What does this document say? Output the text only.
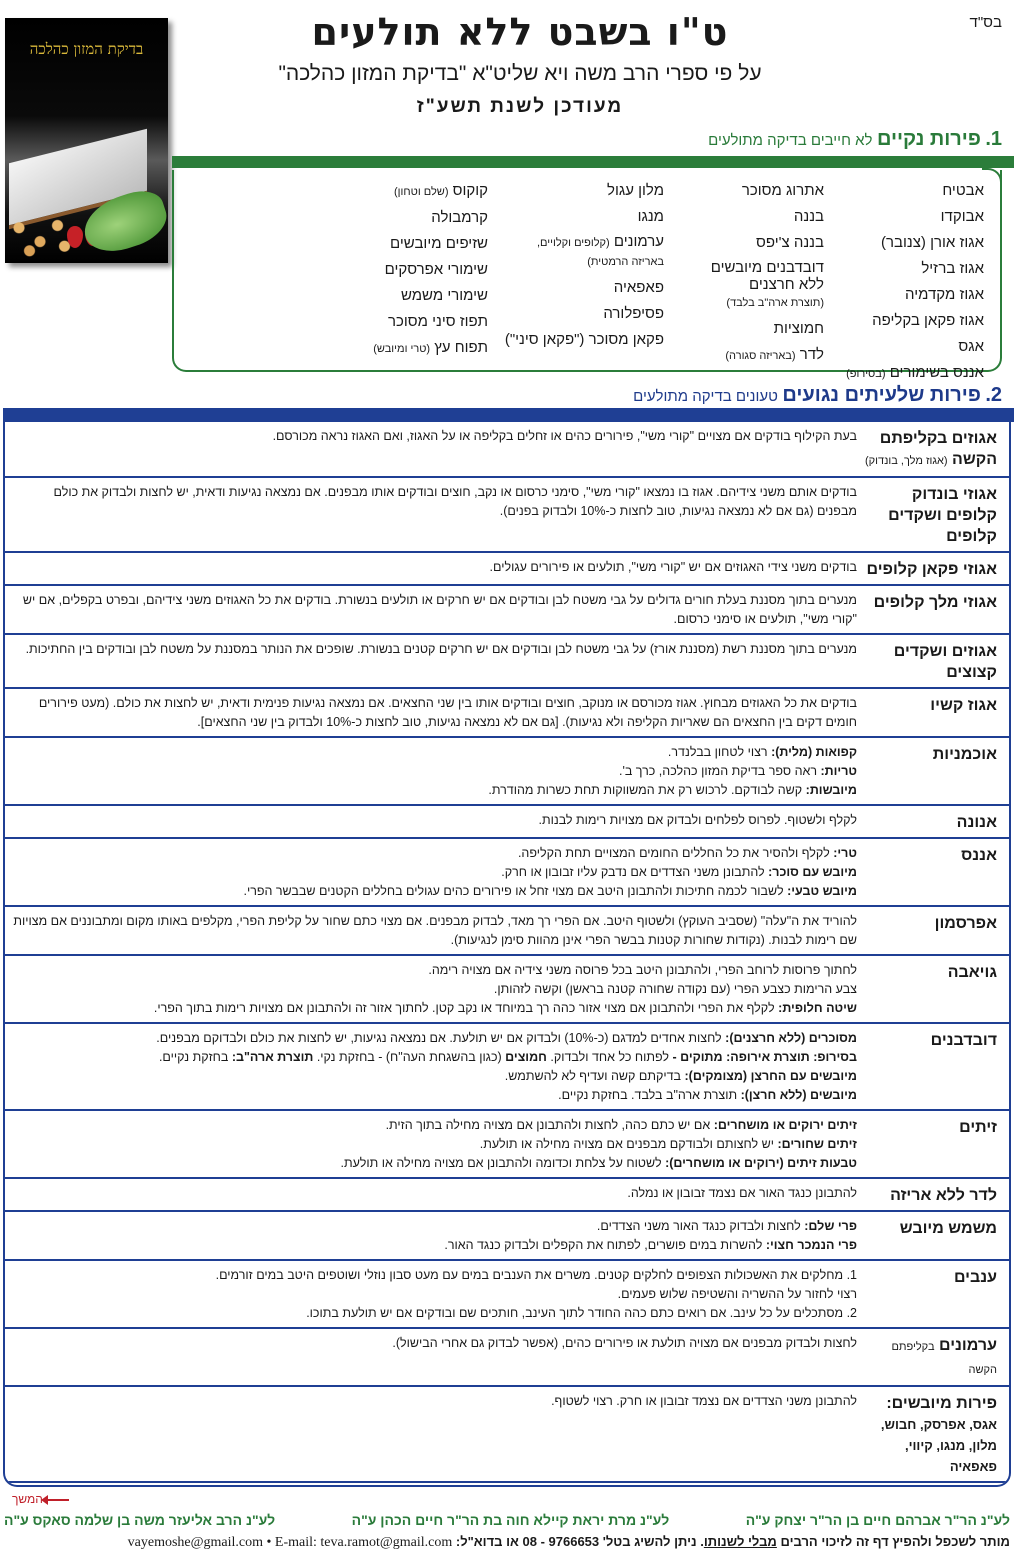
בס"ד
בדיקת המזון כהלכה	ט"ו בשבט ללא תולעים
על פי ספרי הרב משה ויא שליט"א "בדיקת המזון כהלכה"
מעודכן לשנת תשע"ז
1. פירות נקיים לא חייבים בדיקה מתולעים
אבטיח
אבוקדו
אגוז אורן (צנובר)
אגוז ברזיל
אגוז מקדמיה
אגוז פקאן בקליפה
אגס
אננס בשימורים (בסירופ)
אתרוג מסוכר
בננה
בננה צ'יפס
דובדבנים מיובשים
ללא חרצנים
(תוצרת ארה"ב בלבד)
חמוציות
לדר (באריזה סגורה)
מלון עגול
מנגו
ערמונים (קלופים וקלויים,
באריזה הרמטית)
פאפאיה
פסיפלורה
פקאן מסוכר ("פקאן סיני")
קוקוס (שלם וטחון)
קרמבולה
שזיפים מיובשים
שימורי אפרסקים
שימורי משמש
תפוז סיני מסוכר
תפוח עץ (טרי ומיובש)
2. פירות שלעיתים נגועים טעונים בדיקה מתולעים
אגוזים בקליפתם הקשה (אגוז מלך, בונדוק)
בעת הקילוף בודקים אם מצויים "קורי משי", פירורים כהים או זחלים בקליפה או על האגוז, ואם האגוז נראה מכורסם.
אגוזי בונדוק קלופים ושקדים קלופים
בודקים אותם משני צידיהם. אגוז בו נמצאו "קורי משי", סימני כרסום או נקב, חוצים ובודקים אותו מבפנים. אם נמצאה נגיעות ודאית, יש לחצות ולבדוק את כולם מבפנים (גם אם לא נמצאה נגיעות, טוב לחצות כ-10% ולבדוק בפנים).
אגוזי פקאן קלופים
בודקים משני צידי האגוזים אם יש "קורי משי", תולעים או פירורים עגולים.
אגוזי מלך קלופים
מנערים בתוך מסננת בעלת חורים גדולים על גבי משטח לבן ובודקים אם יש חרקים או תולעים בנשורת. בודקים את כל האגוזים משני צידיהם, ובפרט בקפלים, אם יש "קורי משי", תולעים או סימני כרסום.
אגוזים ושקדים קצוצים
מנערים בתוך מסננת רשת (מסננת אורז) על גבי משטח לבן ובודקים אם יש חרקים קטנים בנשורת. שופכים את הנותר במסננת על משטח לבן ובודקים בין החתיכות.
אגוז קשיו
בודקים את כל האגוזים מבחוץ. אגוז מכורסם או מנוקב, חוצים ובודקים אותו בין שני החצאים. אם נמצאה נגיעות פנימית ודאית, יש לחצות את כולם. (מעט פירורים חומים דקים בין החצאים הם שאריות הקליפה ולא נגיעות). [גם אם לא נמצאה נגיעות, טוב לחצות כ-10% ולבדוק בין שני החצאים].
אוכמניות
קפואות (מלית): רצוי לטחון בבלנדר.
טריות: ראה ספר בדיקת המזון כהלכה, כרך ב'.
מיובשות: קשה לבודקם. לרכוש רק את המשווקות תחת כשרות מהודרת.
אנונה
לקלף ולשטוף. לפרוס לפלחים ולבדוק אם מצויות רימות לבנות.
אננס
טרי: לקלף ולהסיר את כל החללים החומים המצויים תחת הקליפה.
מיובש עם סוכר: להתבונן משני הצדדים אם נדבק עליו זבובון או חרק.
מיובש טבעי: לשבור לכמה חתיכות ולהתבונן היטב אם מצוי זחל או פירורים כהים עגולים בחללים הקטנים שבבשר הפרי.
אפרסמון
להוריד את ה"עלה" (שסביב העוקץ) ולשטוף היטב. אם הפרי רך מאד, לבדוק מבפנים. אם מצוי כתם שחור על קליפת הפרי, מקלפים באותו מקום ומתבוננים אם מצויות שם רימות לבנות. (נקודות שחורות קטנות בבשר הפרי אינן מהוות סימן לנגיעות).
גויאבה
לחתוך פרוסות לרוחב הפרי, ולהתבונן היטב בכל פרוסה משני צידיה אם מצויה רימה.
צבע הרימות כצבע הפרי (עם נקודה שחורה קטנה בראשן) וקשה לזהותן.
שיטה חלופית: לקלף את הפרי ולהתבונן אם מצוי אזור כהה רך במיוחד או נקב קטן. לחתוך אזור זה ולהתבונן אם מצויות רימות בתוך הפרי.
דובדבנים
מסוכרים (ללא חרצנים): לחצות אחדים למדגם (כ-10%) ולבדוק אם יש תולעת. אם נמצאה נגיעות, יש לחצות את כולם ולבדוקם מבפנים.
בסירופ: תוצרת אירופה: מתוקים - לפתוח כל אחד ולבדוק. חמוצים (כגון בהשגחת העה"ח) - בחזקת נקי. תוצרת ארה"ב: בחזקת נקיים.
מיובשים עם החרצן (מצומקים): בדיקתם קשה ועדיף לא להשתמש.
מיובשים (ללא חרצן): תוצרת ארה"ב בלבד. בחזקת נקיים.
זיתים
זיתים ירוקים או מושחרים: אם יש כתם כהה, לחצות ולהתבונן אם מצויה מחילה בתוך הזית.
זיתים שחורים: יש לחצותם ולבודקם מבפנים אם מצויה מחילה או תולעת.
טבעות זיתים (ירוקים או מושחרים): לשטוח על צלחת וכדומה ולהתבונן אם מצויה מחילה או תולעת.
לדר ללא אריזה
להתבונן כנגד האור אם נצמד זבובון או נמלה.
משמש מיובש
פרי שלם: לחצות ולבדוק כנגד האור משני הצדדים.
פרי הנמכר חצוי: להשרות במים פושרים, לפתוח את הקפלים ולבדוק כנגד האור.
ענבים
1. מחלקים את האשכולות הצפופים לחלקים קטנים. משרים את הענבים במים עם מעט סבון נוזלי ושוטפים היטב במים זורמים.
רצוי לחזור על ההשריה והשטיפה שלוש פעמים.
2. מסתכלים על כל עינב. אם רואים כתם כהה החודר לתוך העינב, חותכים שם ובודקים אם יש תולעת בתוכו.
ערמונים בקליפתם הקשה
לחצות ולבדוק מבפנים אם מצויה תולעת או פירורים כהים, (אפשר לבדוק גם אחרי הבישול).
פירות מיובשים:
אגס, אפרסק, חבוש, מלון, מנגו, קיווי, פאפאיה
להתבונן משני הצדדים אם נצמד זבובון או חרק. רצוי לשטוף.
המשך
לע"נ הר"ר אברהם חיים בן הר"ר יצחק ע"ה
לע"נ מרת יראת קיילא חוה בת הר"ר חיים הכהן ע"ה
לע"נ הרב אליעזר משה בן שלמה סאקס ע"ה
מותר לשכפל ולהפיץ דף זה לזיכוי הרבים מבלי לשנותו. ניתן להשיג בטל' 9766653 - 08 או בדוא"ל: vayemoshe@gmail.com • E-mail: teva.ramot@gmail.com
